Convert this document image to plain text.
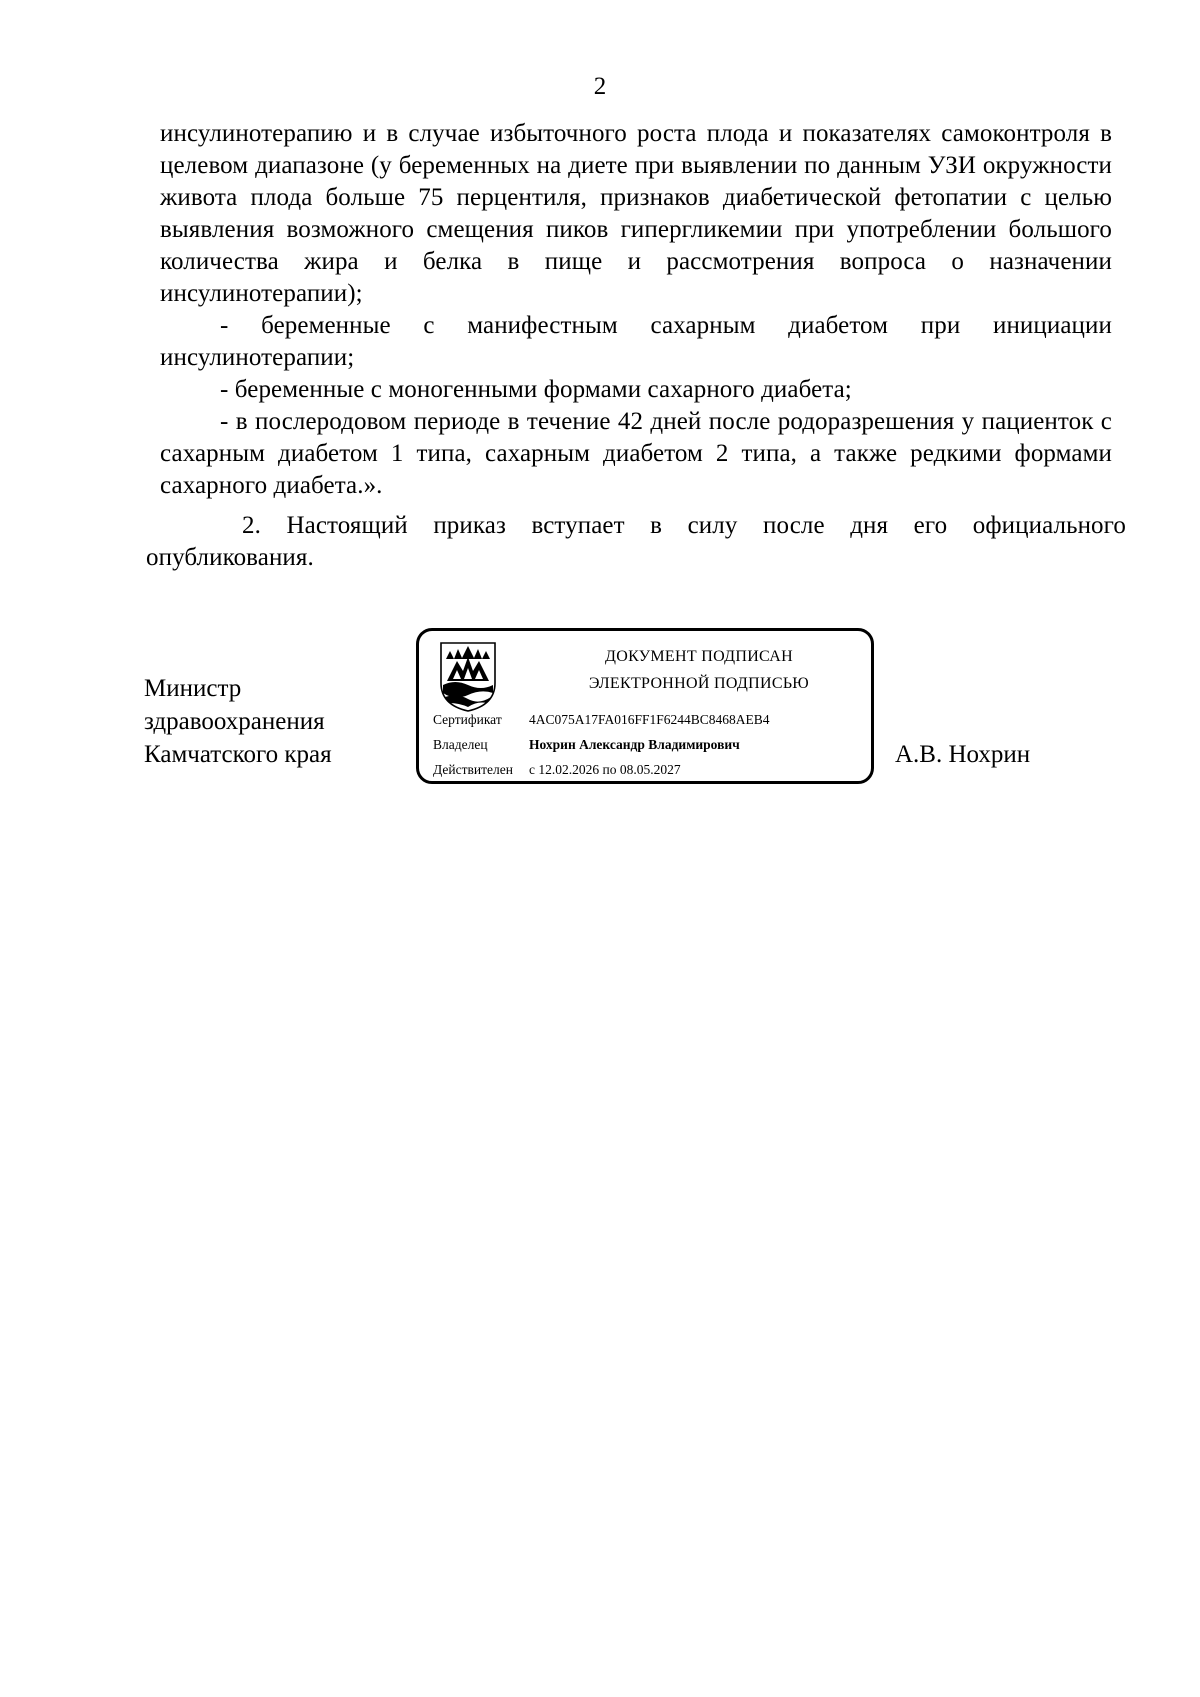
2

инсулинотерапию и в случае избыточного роста плода и показателях самоконтроля в целевом диапазоне (у беременных на диете при выявлении по данным УЗИ окружности живота плода больше 75 перцентиля, признаков диабетической фетопатии с целью выявления возможного смещения пиков гипергликемии при употреблении большого количества жира и белка в пище и рассмотрения вопроса о назначении инсулинотерапии);

- беременные с манифестным сахарным диабетом при инициации инсулинотерапии;

- беременные с моногенными формами сахарного диабета;

- в послеродовом периоде в течение 42 дней после родоразрешения у пациенток с сахарным диабетом 1 типа, сахарным диабетом 2 типа, а также редкими формами сахарного диабета.».

2. Настоящий приказ вступает в силу после дня его официального опубликования.

Министр
здравоохранения
Камчатского края
ДОКУМЕНТ ПОДПИСАН
ЭЛЕКТРОННОЙ ПОДПИСЬЮ
Сертификат 4AC075A17FA016FF1F6244BC8468AEB4
Владелец	Нохрин Александр Владимирович
Действителен с 12.02.2026 по 08.05.2027
А.В. Нохрин
